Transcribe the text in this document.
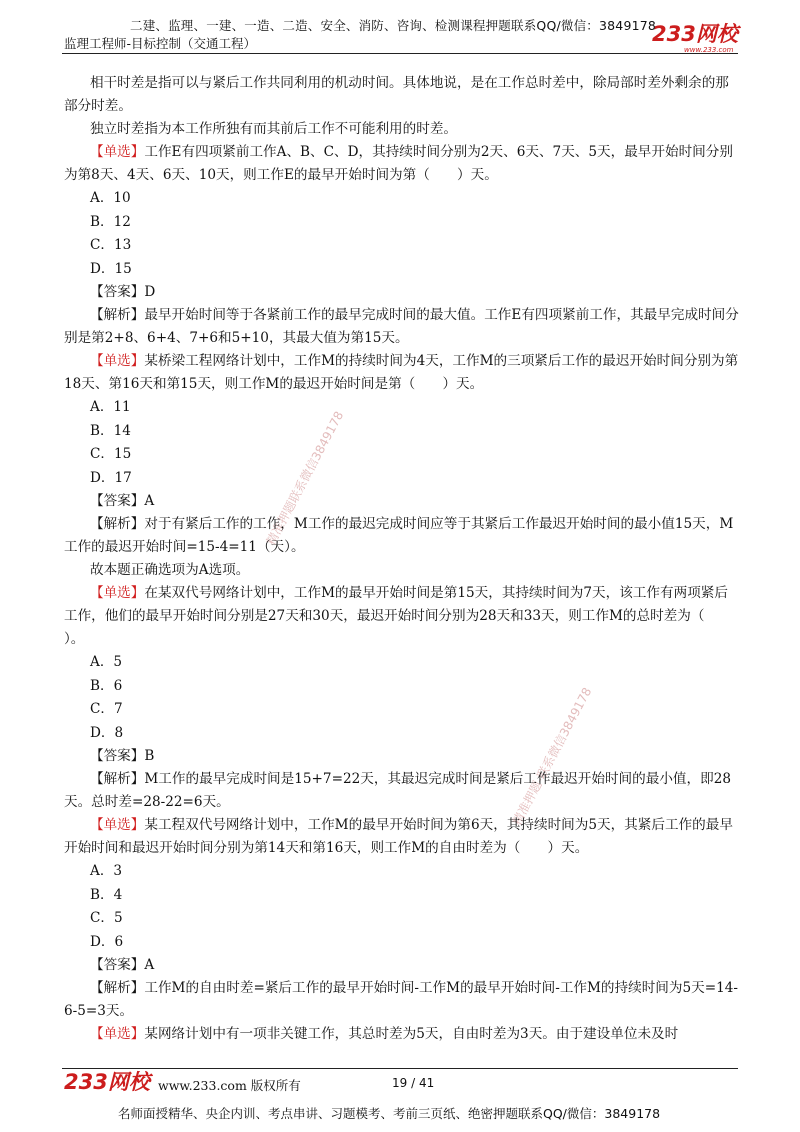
二建、监理、一建、一造、二造、安全、消防、咨询、检测课程押题联系QQ/微信：3849178
监理工程师-目标控制（交通工程）	233网校
www.233.com
精准押题联系微信3849178
精准押题-联系微信3849178
相干时差是指可以与紧后工作共同利用的机动时间。具体地说，是在工作总时差中，除局部时差外剩余的那部分时差。
独立时差指为本工作所独有而其前后工作不可能利用的时差。
【单选】工作E有四项紧前工作A、B、C、D，其持续时间分别为2天、6天、7天、5天，最早开始时间分别为第8天、4天、6天、10天，则工作E的最早开始时间为第（　　）天。
A．10
B．12
C．13
D．15
【答案】D
【解析】最早开始时间等于各紧前工作的最早完成时间的最大值。工作E有四项紧前工作，其最早完成时间分别是第2+8、6+4、7+6和5+10，其最大值为第15天。
【单选】某桥梁工程网络计划中，工作M的持续时间为4天，工作M的三项紧后工作的最迟开始时间分别为第18天、第16天和第15天，则工作M的最迟开始时间是第（　　）天。
A．11
B．14
C．15
D．17
【答案】A
【解析】对于有紧后工作的工作，M工作的最迟完成时间应等于其紧后工作最迟开始时间的最小值15天，M工作的最迟开始时间=15-4=11（天）。
故本题正确选项为A选项。
【单选】在某双代号网络计划中，工作M的最早开始时间是第15天，其持续时间为7天，该工作有两项紧后工作，他们的最早开始时间分别是27天和30天，最迟开始时间分别为28天和33天，则工作M的总时差为（　　）。
A．5
B．6
C．7
D．8
【答案】B
【解析】M工作的最早完成时间是15+7=22天，其最迟完成时间是紧后工作最迟开始时间的最小值，即28天。总时差=28-22=6天。
【单选】某工程双代号网络计划中，工作M的最早开始时间为第6天，其持续时间为5天，其紧后工作的最早开始时间和最迟开始时间分别为第14天和第16天，则工作M的自由时差为（　　）天。
A．3
B．4
C．5
D．6
【答案】A
【解析】工作M的自由时差=紧后工作的最早开始时间-工作M的最早开始时间-工作M的持续时间为5天=14-6-5=3天。
【单选】某网络计划中有一项非关键工作，其总时差为5天，自由时差为3天。由于建设单位未及时
233网校 www.233.com 版权所有	19 / 41
名师面授精华、央企内训、考点串讲、习题模考、考前三页纸、绝密押题联系QQ/微信：3849178
